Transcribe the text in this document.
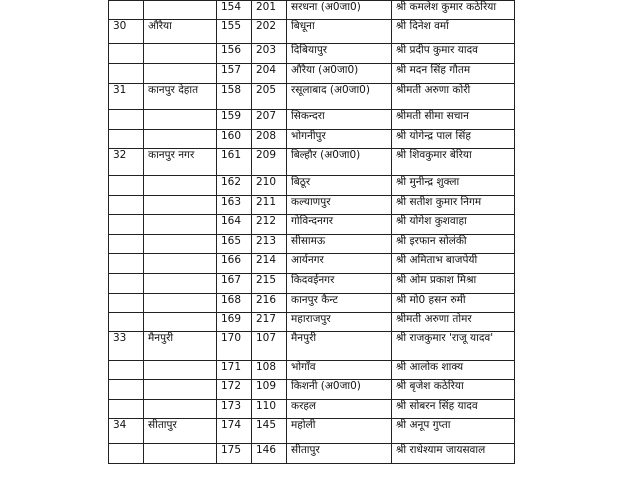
		154	201	सरधना (अ0जा0)	श्री कमलेश कुमार कठेरिया
30	औरैया	155	202	बिधूना	श्री दिनेश वर्मा
		156	203	दिबियापुर	श्री प्रदीप कुमार यादव
		157	204	औरैया (अ0जा0)	श्री मदन सिंह गौतम
31	कानपुर देहात	158	205	रसूलाबाद (अ0जा0)	श्रीमती अरुणा कोरी
		159	207	सिकन्दरा	श्रीमती सीमा सचान
		160	208	भोगनीपुर	श्री योगेन्द्र पाल सिंह
32	कानपुर नगर	161	209	बिल्हौर (अ0जा0)	श्री शिवकुमार बेरिया
		162	210	बिठूर	श्री मुनीन्द्र शुक्ला
		163	211	कल्याणपुर	श्री सतीश कुमार निगम
		164	212	गोविन्दनगर	श्री योगेश कुशवाहा
		165	213	सीसामऊ	श्री इरफान सोलंकी
		166	214	आर्यनगर	श्री अमिताभ बाजपेयी
		167	215	किदवईनगर	श्री ओम प्रकाश मिश्रा
		168	216	कानपुर कैन्ट	श्री मो0 हसन रुमी
		169	217	महाराजपुर	श्रीमती अरुणा तोमर
33	मैनपुरी	170	107	मैनपुरी	श्री राजकुमार 'राजू यादव'
		171	108	भोगाँव	श्री आलोक शाक्य
		172	109	किशनी (अ0जा0)	श्री बृजेश कठेरिया
		173	110	करहल	श्री सोबरन सिंह यादव
34	सीतापुर	174	145	महोली	श्री अनूप गुप्ता
		175	146	सीतापुर	श्री राधेश्याम जायसवाल
